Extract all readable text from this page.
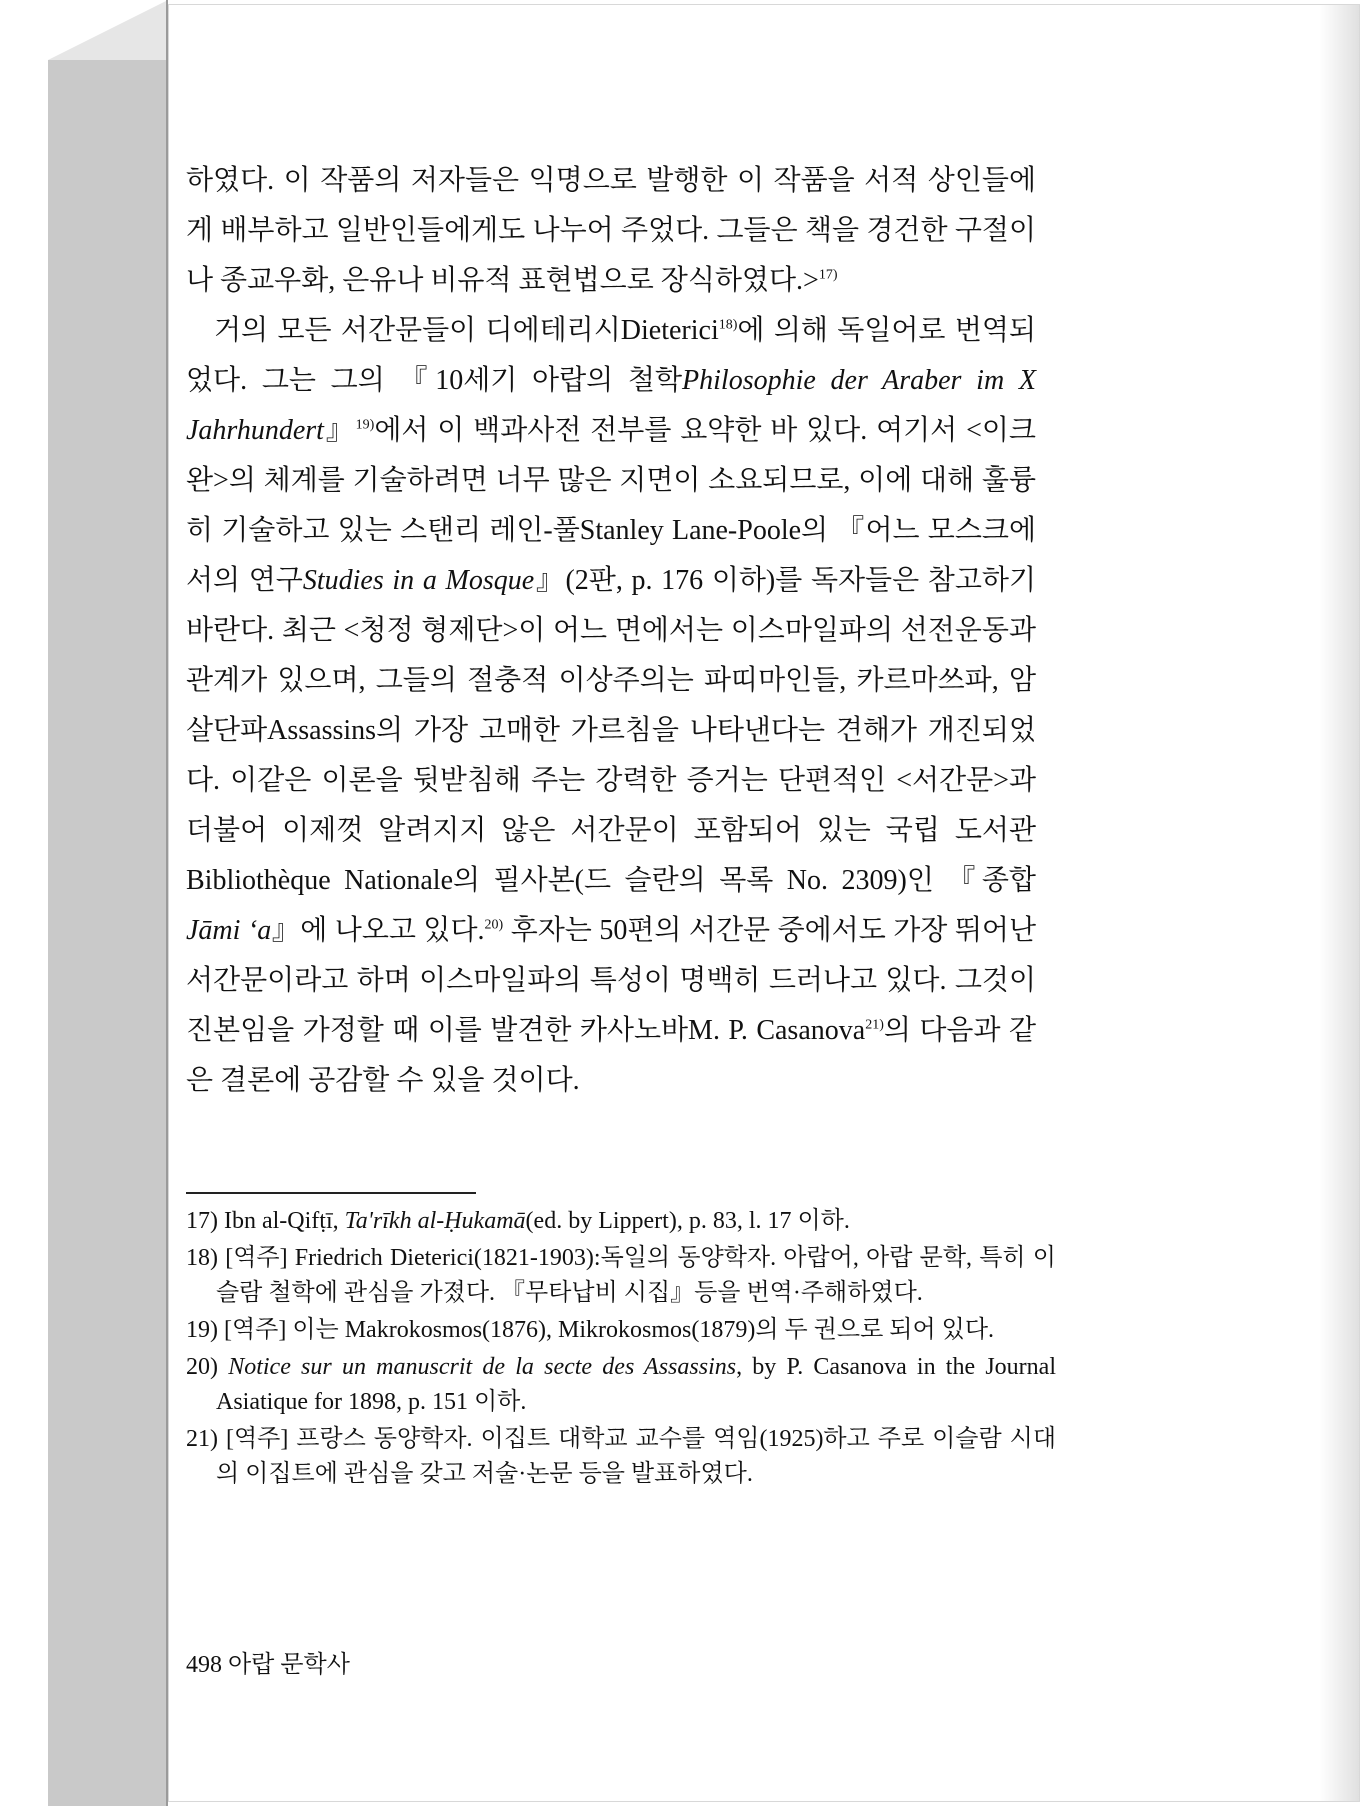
하였다. 이 작품의 저자들은 익명으로 발행한 이 작품을 서적 상인들에게 배부하고 일반인들에게도 나누어 주었다. 그들은 책을 경건한 구절이나 종교우화, 은유나 비유적 표현법으로 장식하였다.>$^{17)}$

거의 모든 서간문들이 디에테리시Dieterici$^{18)}$에 의해 독일어로 번역되었다. 그는 그의 『10세기 아랍의 철학Philosophie der Araber im X Jahrhundert』$^{19)}$에서 이 백과사전 전부를 요약한 바 있다. 여기서 <이크완>의 체계를 기술하려면 너무 많은 지면이 소요되므로, 이에 대해 훌륭히 기술하고 있는 스탠리 레인-풀Stanley Lane-Poole의 『어느 모스크에서의 연구Studies in a Mosque』(2판, p. 176 이하)를 독자들은 참고하기 바란다. 최근 <청정 형제단>이 어느 면에서는 이스마일파의 선전운동과 관계가 있으며, 그들의 절충적 이상주의는 파띠마인들, 카르마쓰파, 암살단파Assassins의 가장 고매한 가르침을 나타낸다는 견해가 개진되었다. 이같은 이론을 뒷받침해 주는 강력한 증거는 단편적인 <서간문>과 더불어 이제껏 알려지지 않은 서간문이 포함되어 있는 국립 도서관Bibliothèque Nationale의 필사본(드 슬란의 목록 No. 2309)인 『종합Jāmi ʻa』에 나오고 있다.$^{20)}$ 후자는 50편의 서간문 중에서도 가장 뛰어난 서간문이라고 하며 이스마일파의 특성이 명백히 드러나고 있다. 그것이 진본임을 가정할 때 이를 발견한 카사노바M. P. Casanova$^{21)}$의 다음과 같은 결론에 공감할 수 있을 것이다.

17) Ibn al-Qifṭī, Ta'rīkh al-Ḥukamā(ed. by Lippert), p. 83, l. 17 이하.

18) [역주] Friedrich Dieterici(1821-1903):독일의 동양학자. 아랍어, 아랍 문학, 특히 이슬람 철학에 관심을 가졌다. 『무타납비 시집』등을 번역·주해하였다.

19) [역주] 이는 Makrokosmos(1876), Mikrokosmos(1879)의 두 권으로 되어 있다.

20) Notice sur un manuscrit de la secte des Assassins, by P. Casanova in the Journal Asiatique for 1898, p. 151 이하.

21) [역주] 프랑스 동양학자. 이집트 대학교 교수를 역임(1925)하고 주로 이슬람 시대의 이집트에 관심을 갖고 저술·논문 등을 발표하였다.

498 아랍 문학사
